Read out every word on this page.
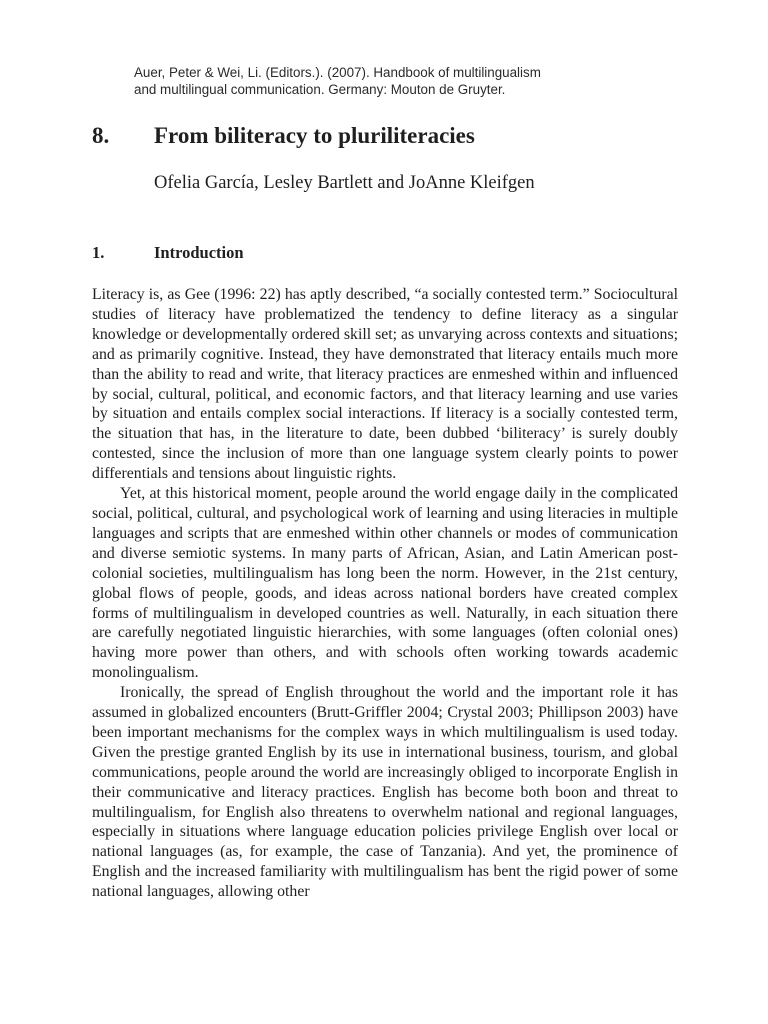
Auer, Peter & Wei, Li. (Editors.). (2007). Handbook of multilingualism
and multilingual communication. Germany: Mouton de Gruyter.
8. From biliteracy to pluriliteracies
Ofelia García, Lesley Bartlett and JoAnne Kleifgen
1.	Introduction

Literacy is, as Gee (1996: 22) has aptly described, “a socially contested term.” Sociocultural studies of literacy have problematized the tendency to define literacy as a singular knowledge or developmentally ordered skill set; as unvarying across contexts and situations; and as primarily cognitive. Instead, they have demonstrated that literacy entails much more than the ability to read and write, that literacy practices are enmeshed within and influenced by social, cultural, political, and economic factors, and that literacy learning and use varies by situation and entails complex social interactions. If literacy is a socially contested term, the situation that has, in the literature to date, been dubbed ‘biliteracy’ is surely doubly contested, since the inclusion of more than one language system clearly points to power differentials and tensions about linguistic rights.

Yet, at this historical moment, people around the world engage daily in the complicated social, political, cultural, and psychological work of learning and using literacies in multiple languages and scripts that are enmeshed within other channels or modes of communication and diverse semiotic systems. In many parts of African, Asian, and Latin American post-colonial societies, multilingualism has long been the norm. However, in the 21st century, global flows of people, goods, and ideas across national borders have created complex forms of multilingualism in developed countries as well. Naturally, in each situation there are carefully negotiated linguistic hierarchies, with some languages (often colonial ones) having more power than others, and with schools often working towards academic monolingualism.

Ironically, the spread of English throughout the world and the important role it has assumed in globalized encounters (Brutt-Griffler 2004; Crystal 2003; Phillipson 2003) have been important mechanisms for the complex ways in which multilingualism is used today. Given the prestige granted English by its use in international business, tourism, and global communications, people around the world are increasingly obliged to incorporate English in their communicative and literacy practices. English has become both boon and threat to multilingualism, for English also threatens to overwhelm national and regional languages, especially in situations where language education policies privilege English over local or national languages (as, for example, the case of Tanzania). And yet, the prominence of English and the increased familiarity with multilingualism has bent the rigid power of some national languages, allowing other
